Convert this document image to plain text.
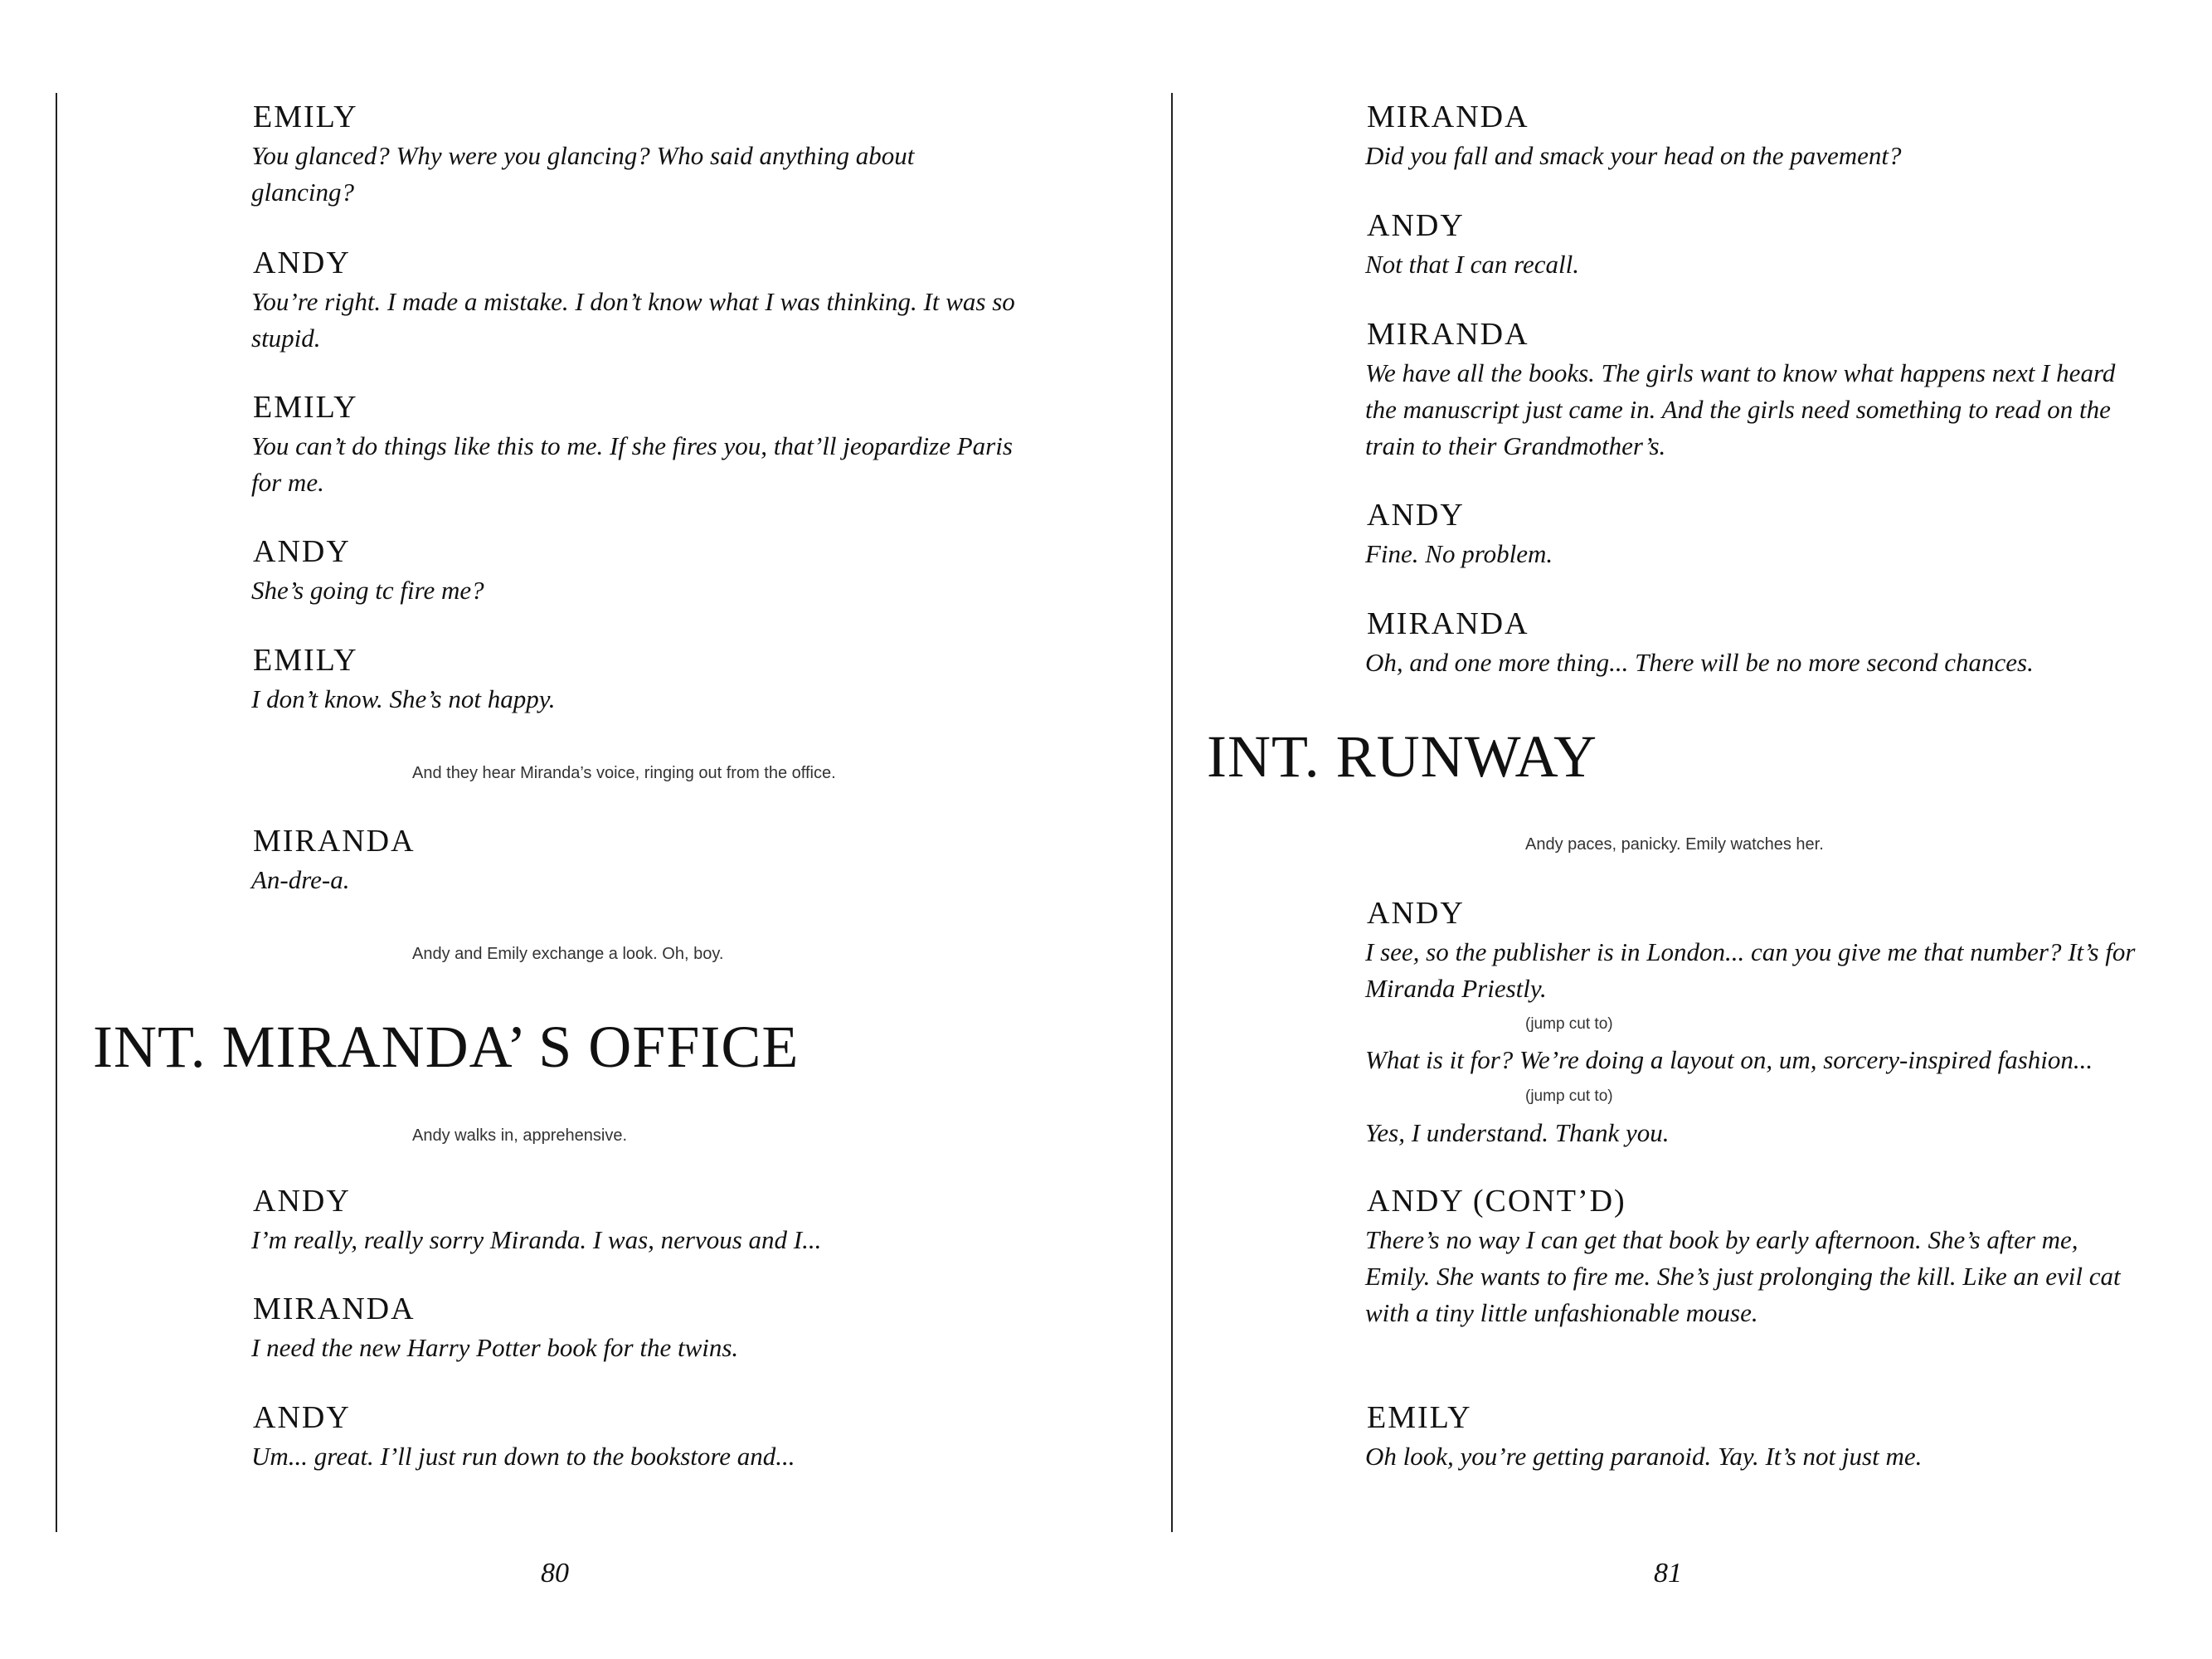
EMILY
You glanced? Why were you glancing? Who said anything about glancing?
ANDY
You’re right. I made a mistake. I don’t know what I was thinking. It was so stupid.
EMILY
You can’t do things like this to me. If she fires you, that’ll jeopardize Paris for me.
ANDY
She’s going tc fire me?
EMILY
I don’t know. She’s not happy.
And they hear Miranda’s voice, ringing out from the office.
MIRANDA
An-dre-a.
Andy and Emily exchange a look. Oh, boy.
INT. MIRANDA’ S OFFICE
Andy walks in, apprehensive.
ANDY
I’m really, really sorry Miranda. I was, nervous and I...
MIRANDA
I need the new Harry Potter book for the twins.
ANDY
Um... great. I’ll just run down to the bookstore and...
80
MIRANDA
Did you fall and smack your head on the pavement?
ANDY
Not that I can recall.
MIRANDA
We have all the books. The girls want to know what happens next I heard the manuscript just came in. And the girls need something to read on the train to their Grandmother’s.
ANDY
Fine. No problem.
MIRANDA
Oh, and one more thing... There will be no more second chances.
INT. RUNWAY
Andy paces, panicky. Emily watches her.
ANDY
I see, so the publisher is in London... can you give me that number? It’s for Miranda Priestly.
(jump cut to)
What is it for? We’re doing a layout on, um, sorcery-inspired fashion...
(jump cut to)
Yes, I understand. Thank you.
ANDY (CONT’D)
There’s no way I can get that book by early afternoon. She’s after me, Emily. She wants to fire me. She’s just prolonging the kill. Like an evil cat with a tiny little unfashionable mouse.
EMILY
Oh look, you’re getting paranoid. Yay. It’s not just me.
81
